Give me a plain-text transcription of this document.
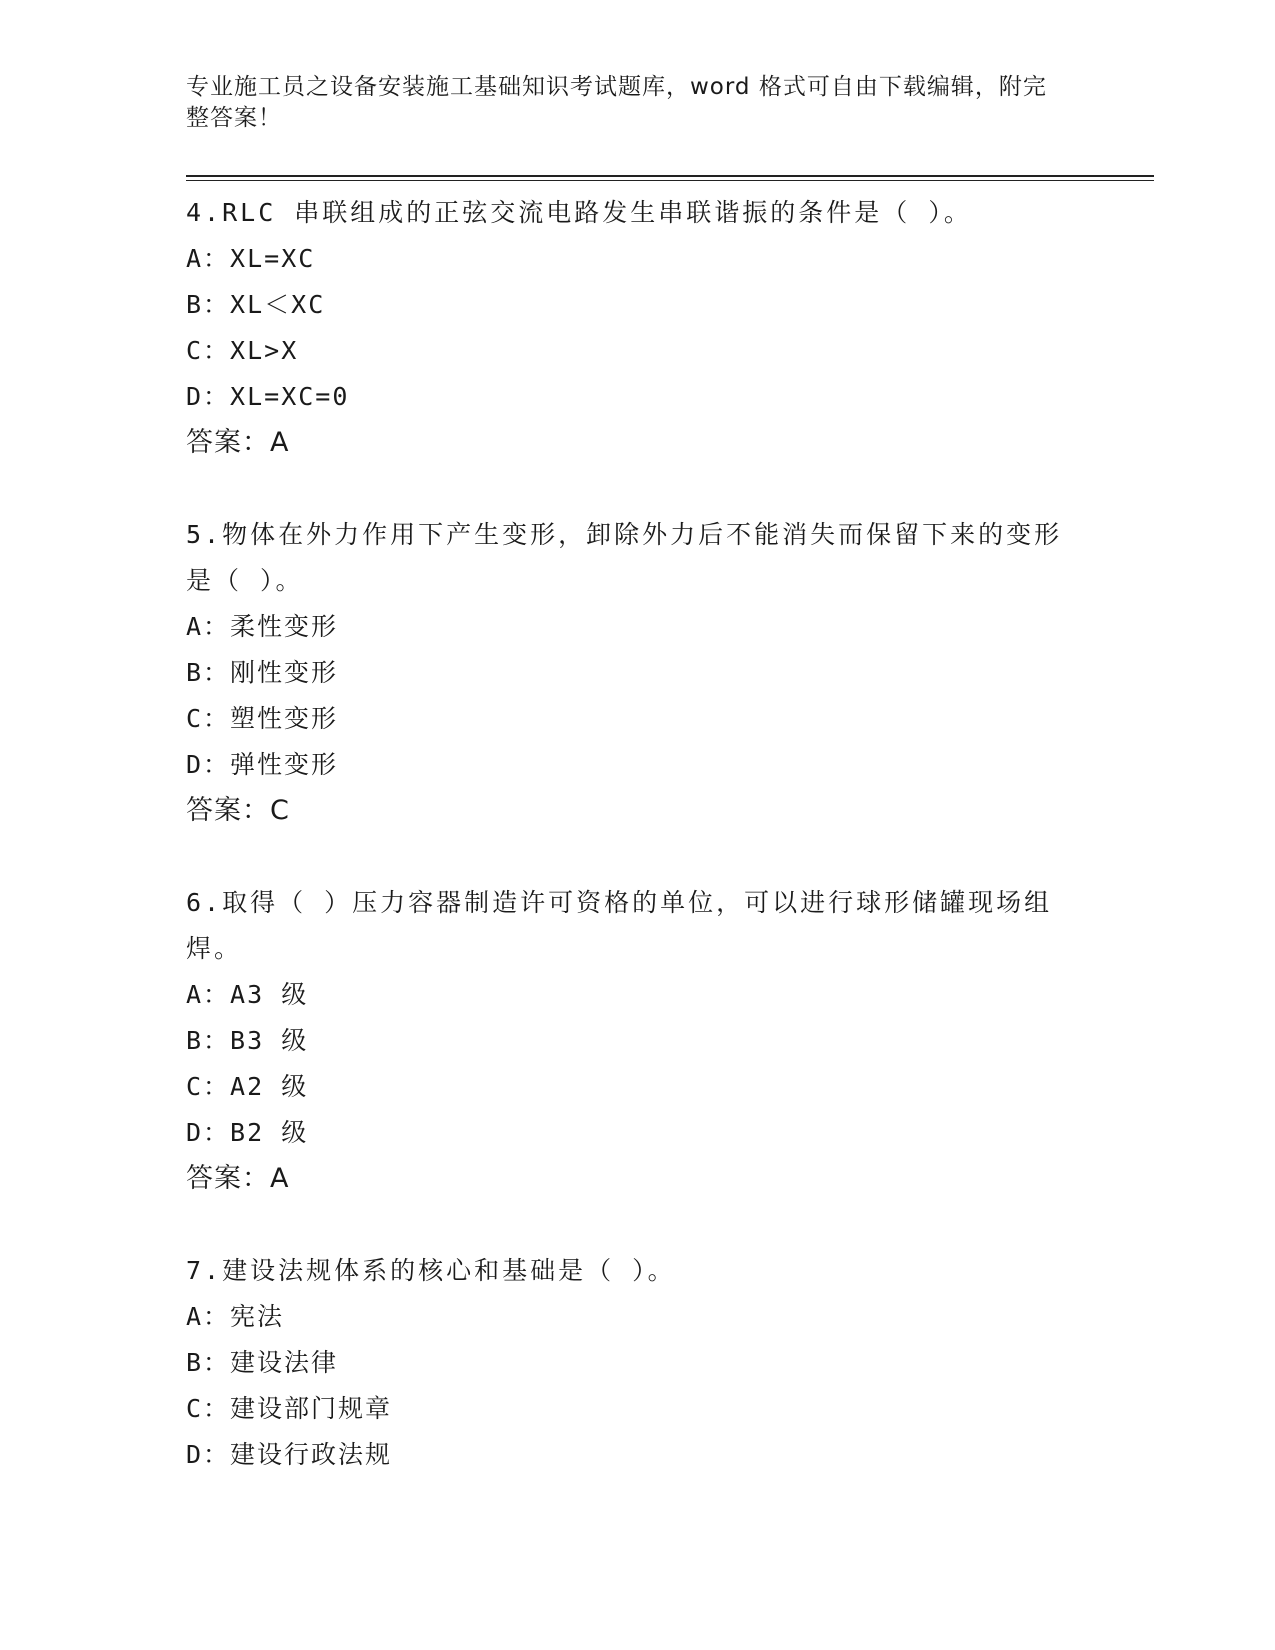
专业施工员之设备安装施工基础知识考试题库，word 格式可自由下载编辑，附完
整答案！
4.RLC 串联组成的正弦交流电路发生串联谐振的条件是（ ）。
A：XL=XC
B：XL＜XC
C：XL>X
D：XL=XC=0
答案：A
5.物体在外力作用下产生变形，卸除外力后不能消失而保留下来的变形是（ ）。
A：柔性变形
B：刚性变形
C：塑性变形
D：弹性变形
答案：C
6.取得（ ）压力容器制造许可资格的单位，可以进行球形储罐现场组焊。
A：A3 级
B：B3 级
C：A2 级
D：B2 级
答案：A
7.建设法规体系的核心和基础是（ ）。
A：宪法
B：建设法律
C：建设部门规章
D：建设行政法规
